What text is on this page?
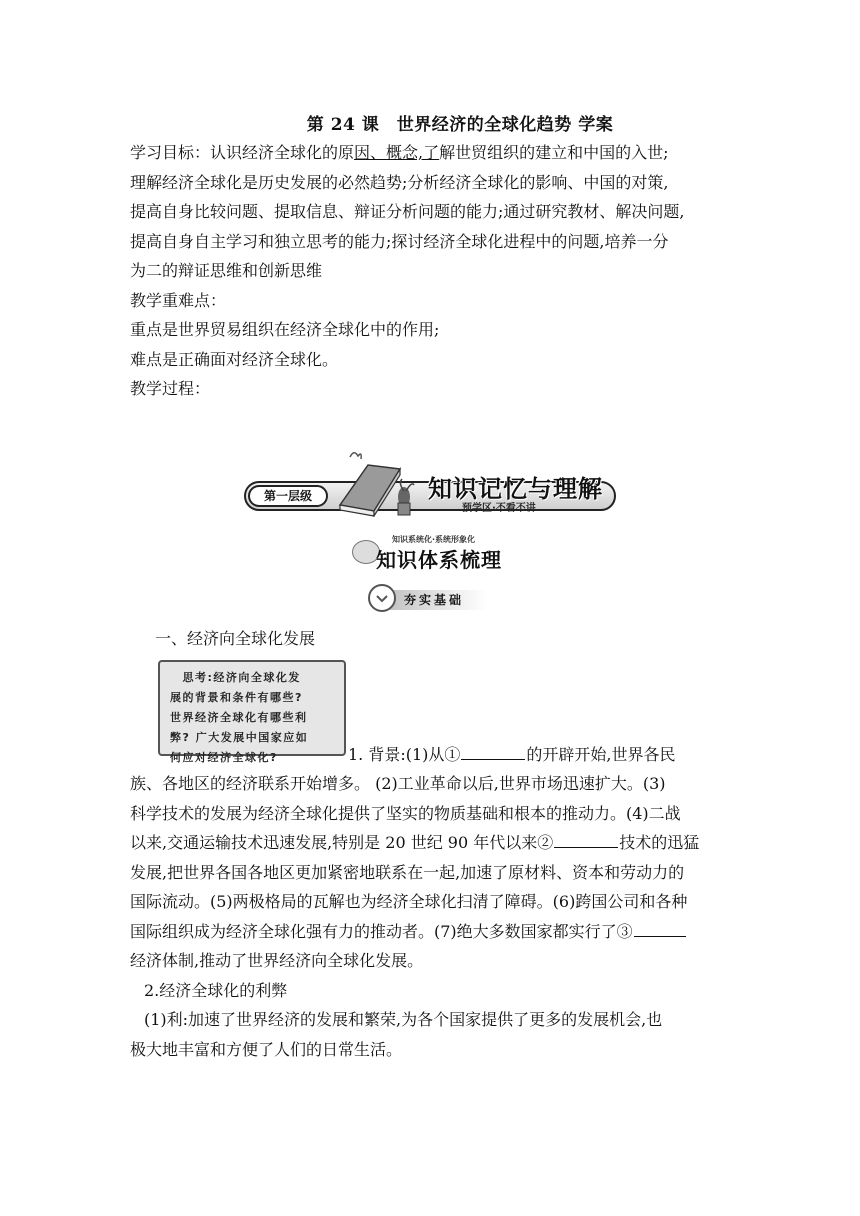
第 24 课　世界经济的全球化趋势 学案
学习目标：认识经济全球化的原因、概念,了解世贸组织的建立和中国的入世;
理解经济全球化是历史发展的必然趋势;分析经济全球化的影响、中国的对策,
提高自身比较问题、提取信息、辩证分析问题的能力;通过研究教材、解决问题,
提高自身自主学习和独立思考的能力;探讨经济全球化进程中的问题,培养一分
为二的辩证思维和创新思维
教学重难点：
重点是世界贸易组织在经济全球化中的作用;
难点是正确面对经济全球化。
教学过程：
第一层级	知识记忆与理解
预学区·不看不讲
知识系统化·系统形象化
知识体系梳理
夯实基础
一、经济向全球化发展
　思考:经济向全球化发
展的背景和条件有哪些?
世界经济全球化有哪些利
弊? 广大发展中国家应如
何应对经济全球化?	1. 背景:(1)从①	的开辟开始,世界各民
族、各地区的经济联系开始增多。 (2)工业革命以后,世界市场迅速扩大。(3)
科学技术的发展为经济全球化提供了坚实的物质基础和根本的推动力。(4)二战
以来,交通运输技术迅速发展,特别是 20 世纪 90 年代以来②	技术的迅猛
发展,把世界各国各地区更加紧密地联系在一起,加速了原材料、资本和劳动力的
国际流动。(5)两极格局的瓦解也为经济全球化扫清了障碍。(6)跨国公司和各种
国际组织成为经济全球化强有力的推动者。(7)绝大多数国家都实行了③
经济体制,推动了世界经济向全球化发展。
2.经济全球化的利弊
(1)利:加速了世界经济的发展和繁荣,为各个国家提供了更多的发展机会,也
极大地丰富和方便了人们的日常生活。
